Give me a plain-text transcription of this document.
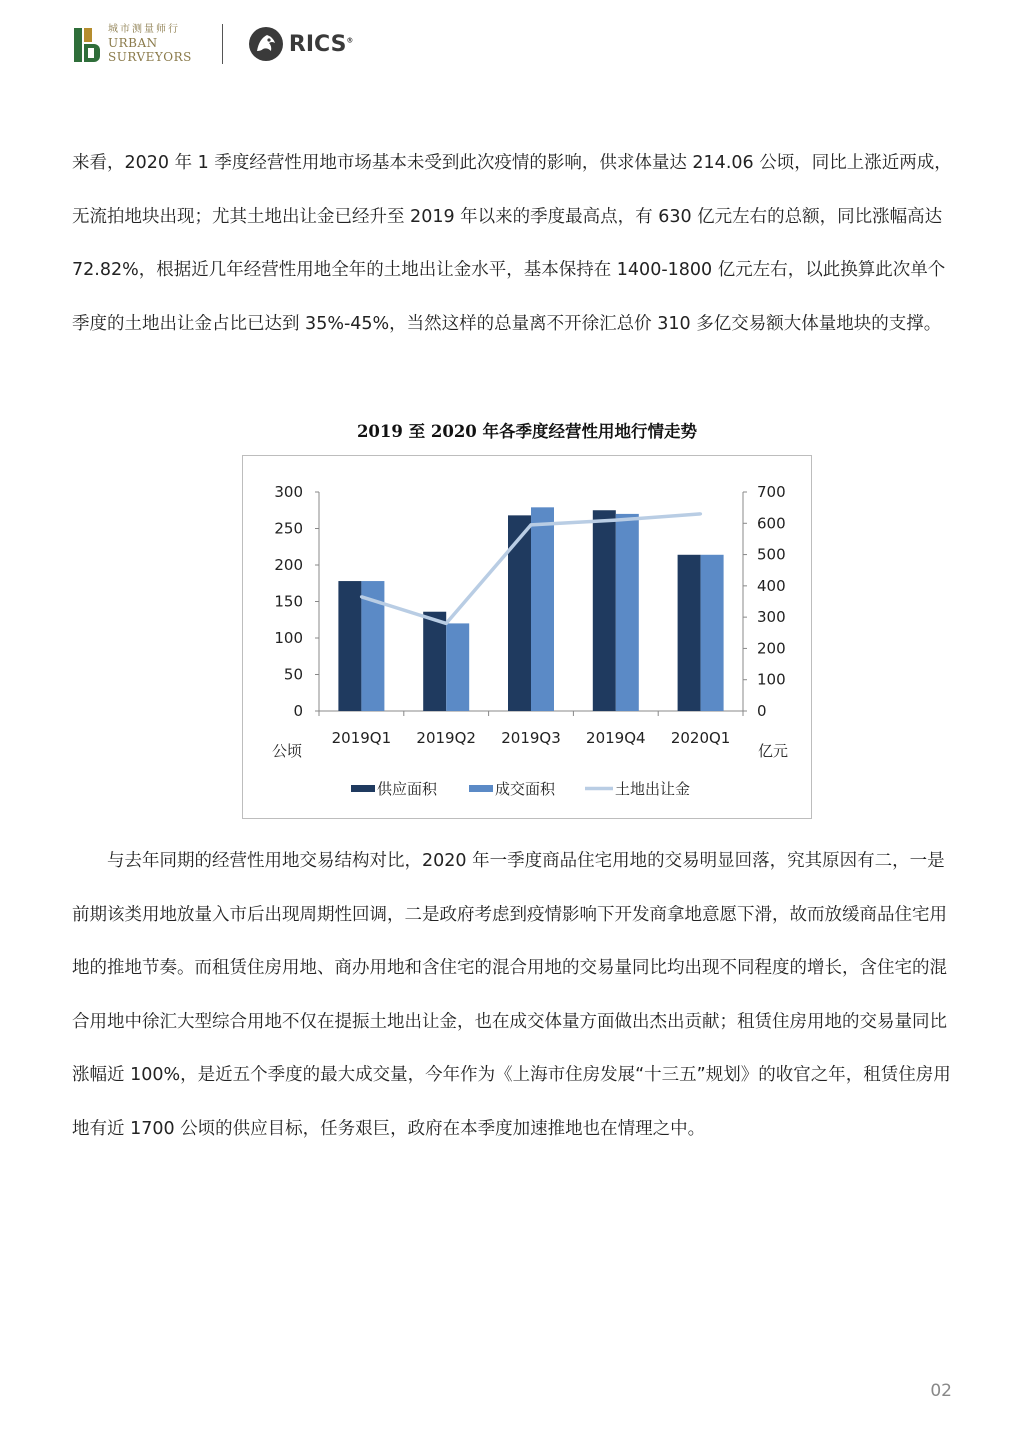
城市测量师行
URBAN
SURVEYORS
RICS®

来看，2020 年 1 季度经营性用地市场基本未受到此次疫情的影响，供求体量达 214.06 公顷，同比上涨近两成，无流拍地块出现；尤其土地出让金已经升至 2019 年以来的季度最高点，有 630 亿元左右的总额，同比涨幅高达 72.82%，根据近几年经营性用地全年的土地出让金水平，基本保持在 1400-1800 亿元左右，以此换算此次单个季度的土地出让金占比已达到 35%-45%，当然这样的总量离不开徐汇总价 310 多亿交易额大体量地块的支撑。

2019 至 2020 年各季度经营性用地行情走势
0
50
100
150
200
250
300
0
100
200
300
400
500
600
700
2019Q1 2019Q2 2019Q3 2019Q4 2020Q1
公顷	亿元
供应面积	成交面积	土地出让金

与去年同期的经营性用地交易结构对比，2020 年一季度商品住宅用地的交易明显回落，究其原因有二，一是前期该类用地放量入市后出现周期性回调，二是政府考虑到疫情影响下开发商拿地意愿下滑，故而放缓商品住宅用地的推地节奏。而租赁住房用地、商办用地和含住宅的混合用地的交易量同比均出现不同程度的增长，含住宅的混合用地中徐汇大型综合用地不仅在提振土地出让金，也在成交体量方面做出杰出贡献；租赁住房用地的交易量同比涨幅近 100%，是近五个季度的最大成交量，今年作为《上海市住房发展“十三五”规划》的收官之年，租赁住房用地有近 1700 公顷的供应目标，任务艰巨，政府在本季度加速推地也在情理之中。

02
